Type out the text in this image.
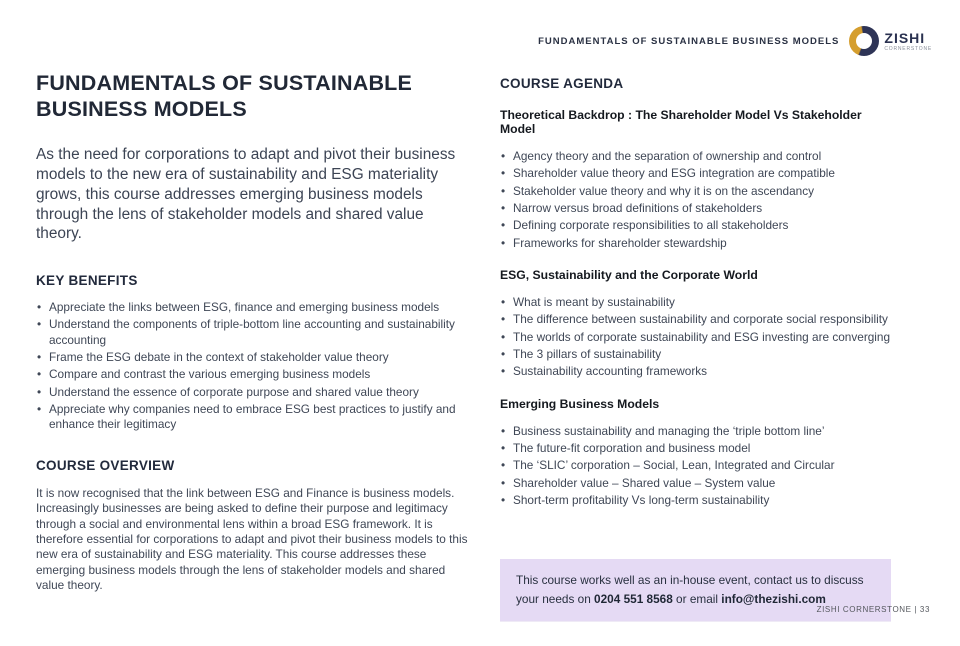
FUNDAMENTALS OF SUSTAINABLE BUSINESS MODELS	ZISHI
CORNERSTONE
FUNDAMENTALS OF SUSTAINABLE BUSINESS MODELS

As the need for corporations to adapt and pivot their business models to the new era of sustainability and ESG materiality grows, this course addresses emerging business models through the lens of stakeholder models and shared value theory.

KEY BENEFITS
• Appreciate the links between ESG, finance and emerging business models
• Understand the components of triple-bottom line accounting and sustainability accounting
• Frame the ESG debate in the context of stakeholder value theory
• Compare and contrast the various emerging business models
• Understand the essence of corporate purpose and shared value theory
• Appreciate why companies need to embrace ESG best practices to justify and enhance their legitimacy
COURSE OVERVIEW

It is now recognised that the link between ESG and Finance is business models. Increasingly businesses are being asked to define their purpose and legitimacy through a social and environmental lens within a broad ESG framework. It is therefore essential for corporations to adapt and pivot their business models to this new era of sustainability and ESG materiality. This course addresses these emerging business models through the lens of stakeholder models and shared value theory.

COURSE AGENDA
Theoretical Backdrop : The Shareholder Model Vs Stakeholder Model
• Agency theory and the separation of ownership and control
• Shareholder value theory and ESG integration are compatible
• Stakeholder value theory and why it is on the ascendancy
• Narrow versus broad definitions of stakeholders
• Defining corporate responsibilities to all stakeholders
• Frameworks for shareholder stewardship
ESG, Sustainability and the Corporate World
• What is meant by sustainability
• The difference between sustainability and corporate social responsibility
• The worlds of corporate sustainability and ESG investing are converging
• The 3 pillars of sustainability
• Sustainability accounting frameworks
Emerging Business Models
• Business sustainability and managing the ‘triple bottom line’
• The future-fit corporation and business model
• The ‘SLIC’ corporation – Social, Lean, Integrated and Circular
• Shareholder value – Shared value – System value
• Short-term profitability Vs long-term sustainability
This course works well as an in-house event, contact us to discuss your needs on 0204 551 8568 or email info@thezishi.com
ZISHI CORNERSTONE | 33
